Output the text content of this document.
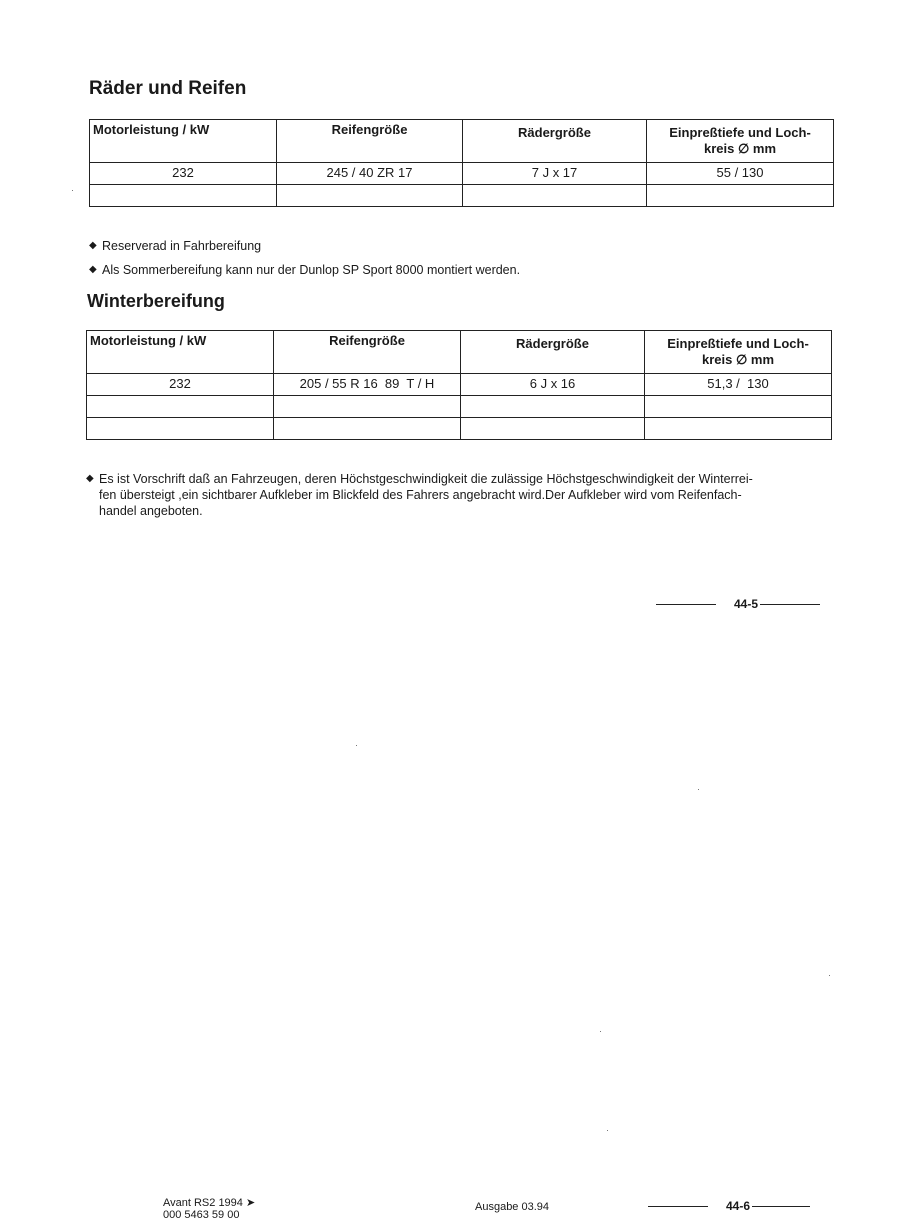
Räder und Reifen
Motorleistung / kW	Reifengröße	Rädergröße	Einpreßtiefe und Loch-
kreis ∅ mm
232	245 / 40 ZR 17	7 J x 17	55 / 130

◆ Reserverad in Fahrbereifung
◆ Als Sommerbereifung kann nur der Dunlop SP Sport 8000 montiert werden.
Winterbereifung
Motorleistung / kW	Reifengröße	Rädergröße	Einpreßtiefe und Loch-
kreis ∅ mm
232	205 / 55 R 16  89  T / H	6 J x 16	51,3 /  130

◆ Es ist Vorschrift daß an Fahrzeugen, deren Höchstgeschwindigkeit die zulässige Höchstgeschwindigkeit der Winterrei-
fen übersteigt ,ein sichtbarer Aufkleber im Blickfeld des Fahrers angebracht wird.Der Aufkleber wird vom Reifenfach-
handel angeboten.
44-5
Avant RS2 1994 ➤
000 5463 59 00
Ausgabe 03.94	44-6
